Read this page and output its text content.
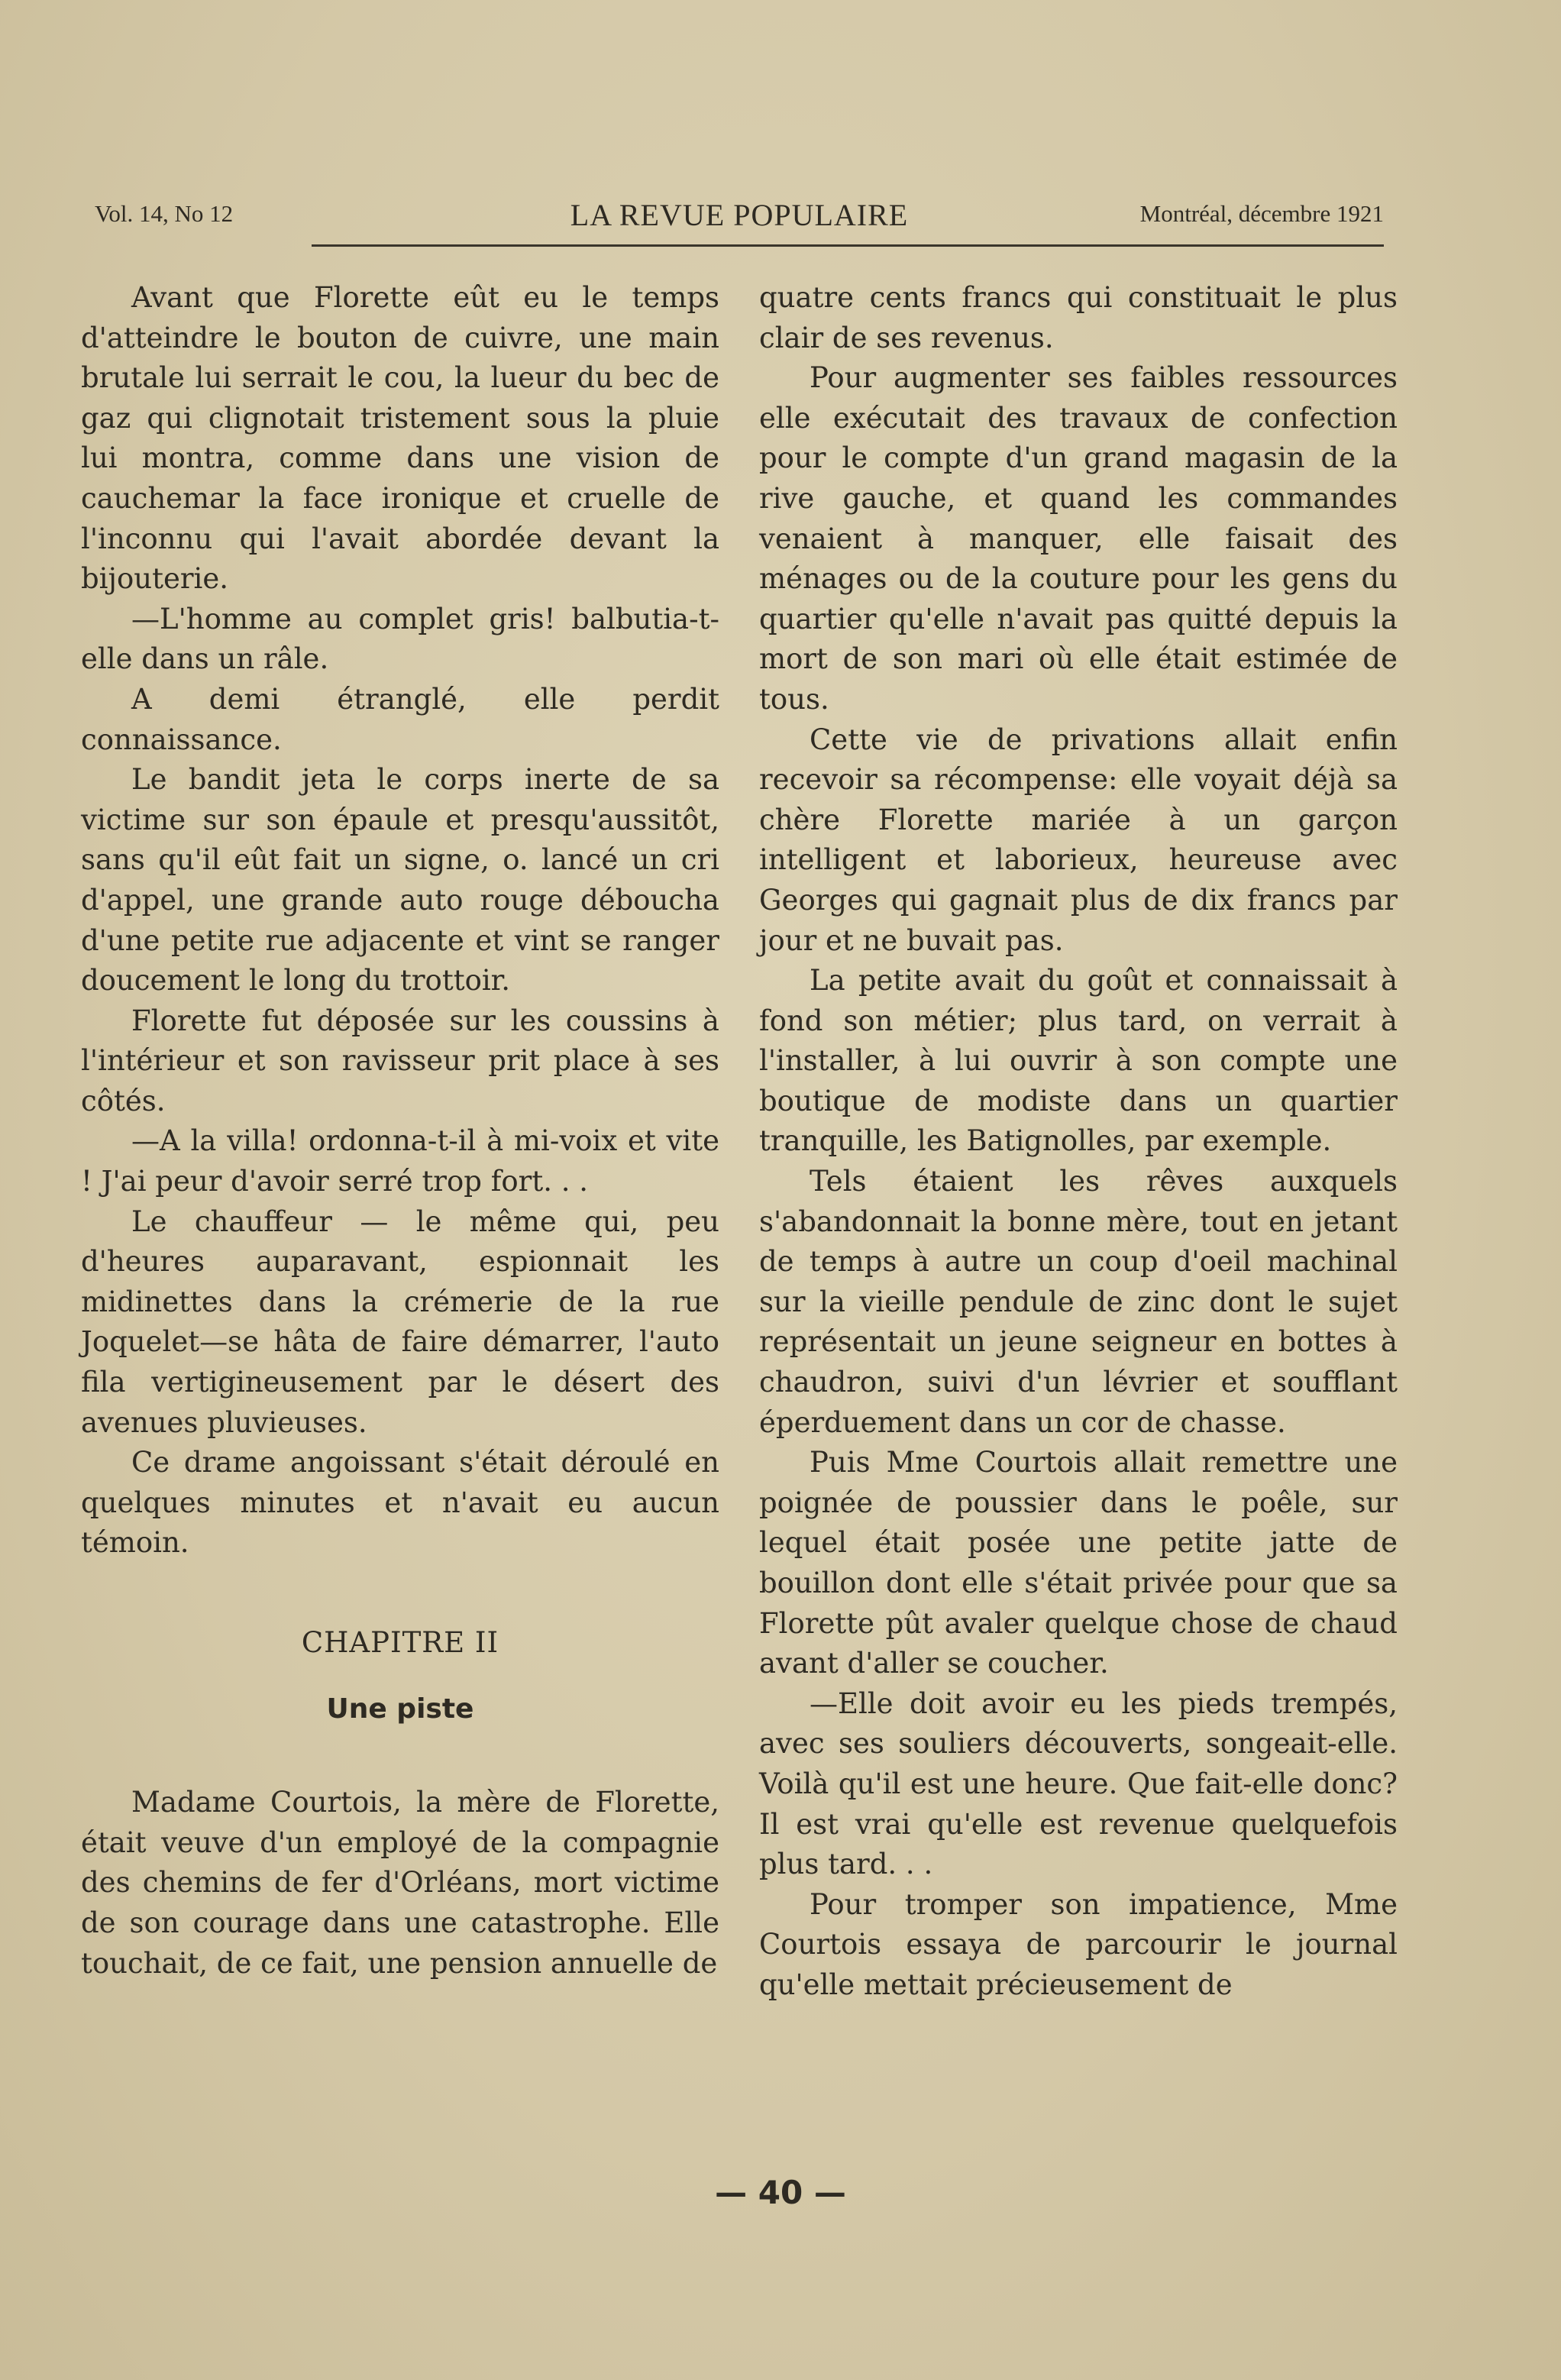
Vol. 14, No 12	LA REVUE POPULAIRE	Montréal, décembre 1921

Avant que Florette eût eu le temps d'atteindre le bouton de cuivre, une main brutale lui serrait le cou, la lueur du bec de gaz qui clignotait tristement sous la pluie lui montra, comme dans une vision de cauchemar la face ironique et cruelle de l'inconnu qui l'avait abordée devant la bijouterie.

—L'homme au complet gris! balbutia-t-elle dans un râle.

A demi étranglé, elle perdit connaissance.

Le bandit jeta le corps inerte de sa victime sur son épaule et presqu'aussitôt, sans qu'il eût fait un signe, o. lancé un cri d'appel, une grande auto rouge déboucha d'une petite rue adjacente et vint se ranger doucement le long du trottoir.

Florette fut déposée sur les coussins à l'intérieur et son ravisseur prit place à ses côtés.

—A la villa! ordonna-t-il à mi-voix et vite ! J'ai peur d'avoir serré trop fort. . .

Le chauffeur — le même qui, peu d'heures auparavant, espionnait les midinettes dans la crémerie de la rue Joquelet—se hâta de faire démarrer, l'auto fila vertigineusement par le désert des avenues pluvieuses.

Ce drame angoissant s'était déroulé en quelques minutes et n'avait eu aucun témoin.

CHAPITRE II
Une piste

Madame Courtois, la mère de Florette, était veuve d'un employé de la compagnie des chemins de fer d'Orléans, mort victime de son courage dans une catastrophe. Elle touchait, de ce fait, une pension annuelle de

quatre cents francs qui constituait le plus clair de ses revenus.

Pour augmenter ses faibles ressources elle exécutait des travaux de confection pour le compte d'un grand magasin de la rive gauche, et quand les commandes venaient à manquer, elle faisait des ménages ou de la couture pour les gens du quartier qu'elle n'avait pas quitté depuis la mort de son mari où elle était estimée de tous.

Cette vie de privations allait enfin recevoir sa récompense: elle voyait déjà sa chère Florette mariée à un garçon intelligent et laborieux, heureuse avec Georges qui gagnait plus de dix francs par jour et ne buvait pas.

La petite avait du goût et connaissait à fond son métier; plus tard, on verrait à l'installer, à lui ouvrir à son compte une boutique de modiste dans un quartier tranquille, les Batignolles, par exemple.

Tels étaient les rêves auxquels s'abandonnait la bonne mère, tout en jetant de temps à autre un coup d'oeil machinal sur la vieille pendule de zinc dont le sujet représentait un jeune seigneur en bottes à chaudron, suivi d'un lévrier et soufflant éperduement dans un cor de chasse.

Puis Mme Courtois allait remettre une poignée de poussier dans le poêle, sur lequel était posée une petite jatte de bouillon dont elle s'était privée pour que sa Florette pût avaler quelque chose de chaud avant d'aller se coucher.

—Elle doit avoir eu les pieds trempés, avec ses souliers découverts, songeait-elle. Voilà qu'il est une heure. Que fait-elle donc? Il est vrai qu'elle est revenue quelquefois plus tard. . .

Pour tromper son impatience, Mme Courtois essaya de parcourir le journal qu'elle mettait précieusement de

— 40 —
